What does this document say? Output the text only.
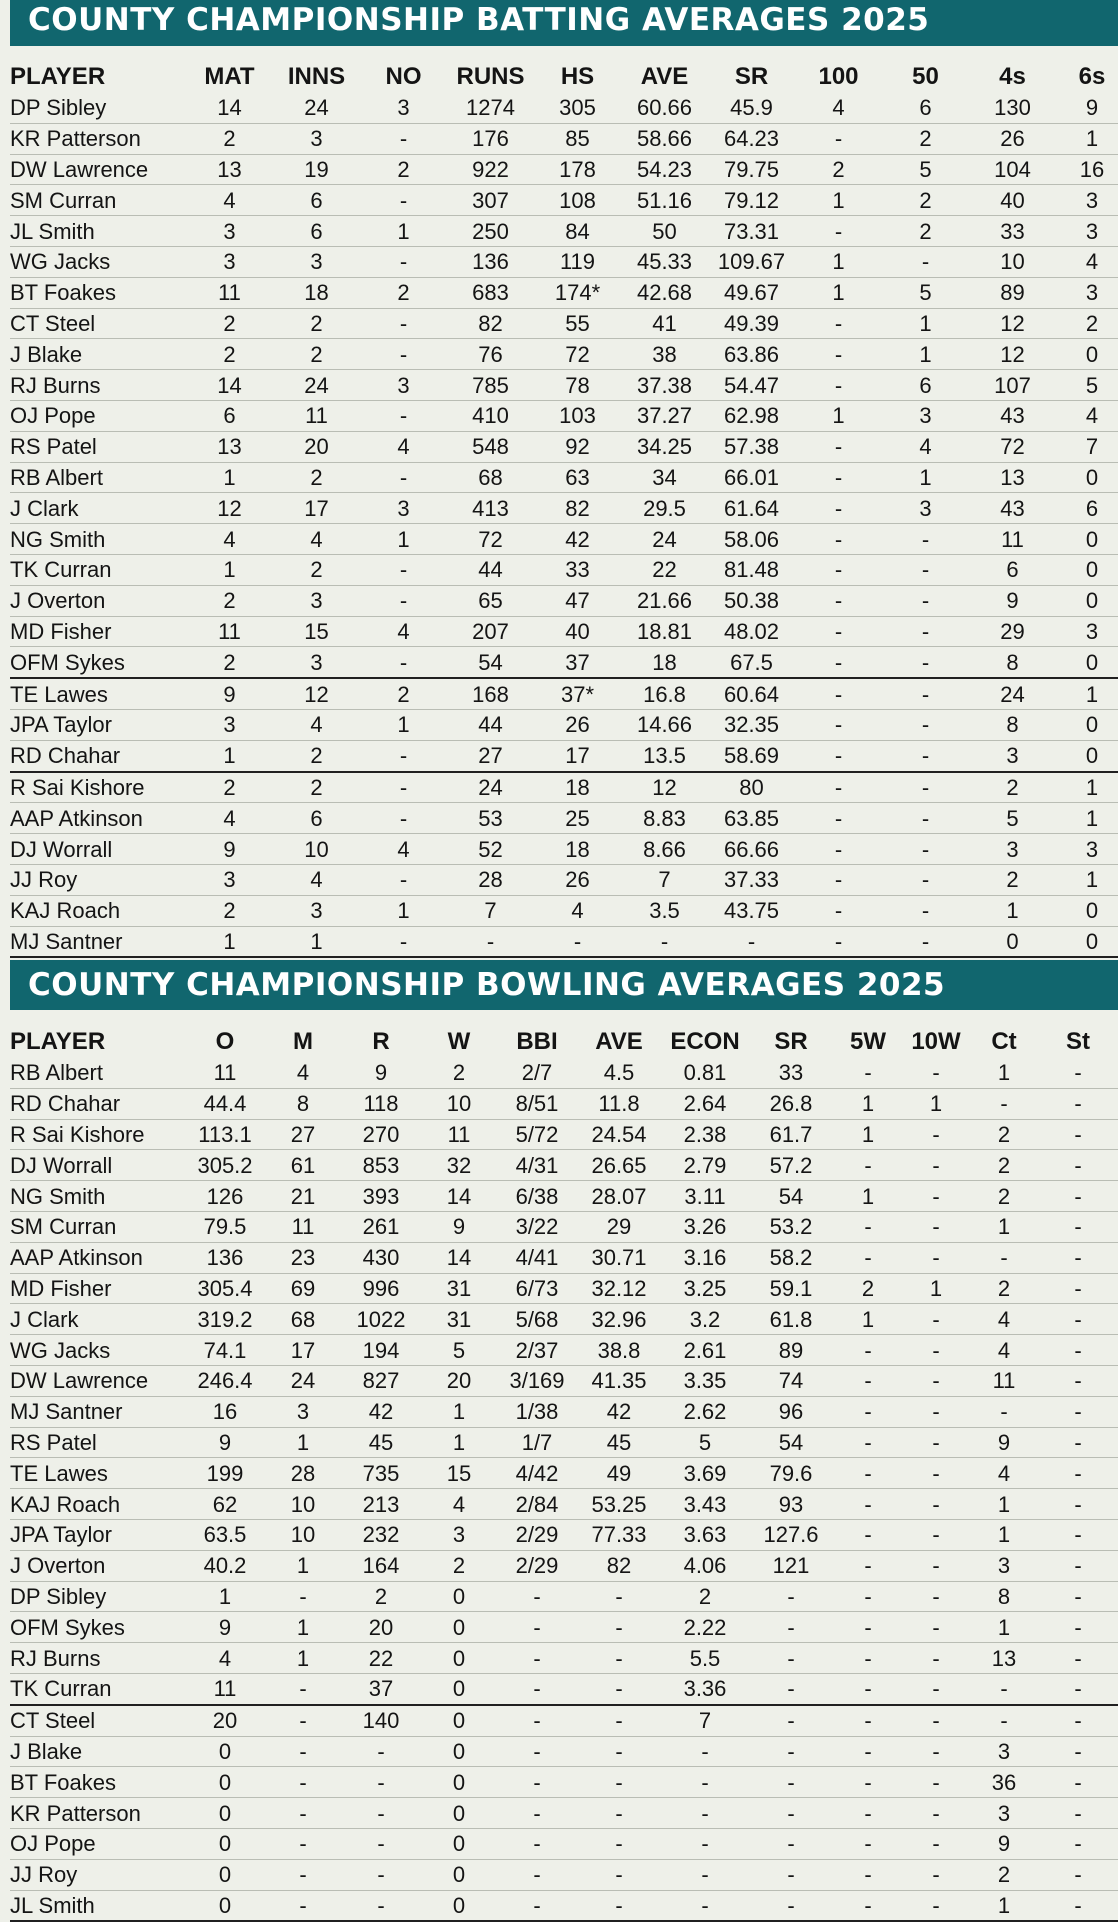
COUNTY CHAMPIONSHIP BATTING AVERAGES 2025
PLAYER	MAT	INNS	NO	RUNS	HS	AVE	SR	100	50	4s	6s
DP Sibley	14	24	3	1274	305	60.66	45.9	4	6	130	9
KR Patterson	2	3	-	176	85	58.66	64.23	-	2	26	1
DW Lawrence	13	19	2	922	178	54.23	79.75	2	5	104	16
SM Curran	4	6	-	307	108	51.16	79.12	1	2	40	3
JL Smith	3	6	1	250	84	50	73.31	-	2	33	3
WG Jacks	3	3	-	136	119	45.33	109.67	1	-	10	4
BT Foakes	11	18	2	683	174*	42.68	49.67	1	5	89	3
CT Steel	2	2	-	82	55	41	49.39	-	1	12	2
J Blake	2	2	-	76	72	38	63.86	-	1	12	0
RJ Burns	14	24	3	785	78	37.38	54.47	-	6	107	5
OJ Pope	6	11	-	410	103	37.27	62.98	1	3	43	4
RS Patel	13	20	4	548	92	34.25	57.38	-	4	72	7
RB Albert	1	2	-	68	63	34	66.01	-	1	13	0
J Clark	12	17	3	413	82	29.5	61.64	-	3	43	6
NG Smith	4	4	1	72	42	24	58.06	-	-	11	0
TK Curran	1	2	-	44	33	22	81.48	-	-	6	0
J Overton	2	3	-	65	47	21.66	50.38	-	-	9	0
MD Fisher	11	15	4	207	40	18.81	48.02	-	-	29	3
OFM Sykes	2	3	-	54	37	18	67.5	-	-	8	0
TE Lawes	9	12	2	168	37*	16.8	60.64	-	-	24	1
JPA Taylor	3	4	1	44	26	14.66	32.35	-	-	8	0
RD Chahar	1	2	-	27	17	13.5	58.69	-	-	3	0
R Sai Kishore	2	2	-	24	18	12	80	-	-	2	1
AAP Atkinson	4	6	-	53	25	8.83	63.85	-	-	5	1
DJ Worrall	9	10	4	52	18	8.66	66.66	-	-	3	3
JJ Roy	3	4	-	28	26	7	37.33	-	-	2	1
KAJ Roach	2	3	1	7	4	3.5	43.75	-	-	1	0
MJ Santner	1	1	-	-	-	-	-	-	-	0	0
COUNTY CHAMPIONSHIP BOWLING AVERAGES 2025
PLAYER	O	M	R	W	BBI	AVE	ECON	SR	5W	10W	Ct	St
RB Albert	11	4	9	2	2/7	4.5	0.81	33	-	-	1	-
RD Chahar	44.4	8	118	10	8/51	11.8	2.64	26.8	1	1	-	-
R Sai Kishore	113.1	27	270	11	5/72	24.54	2.38	61.7	1	-	2	-
DJ Worrall	305.2	61	853	32	4/31	26.65	2.79	57.2	-	-	2	-
NG Smith	126	21	393	14	6/38	28.07	3.11	54	1	-	2	-
SM Curran	79.5	11	261	9	3/22	29	3.26	53.2	-	-	1	-
AAP Atkinson	136	23	430	14	4/41	30.71	3.16	58.2	-	-	-	-
MD Fisher	305.4	69	996	31	6/73	32.12	3.25	59.1	2	1	2	-
J Clark	319.2	68	1022	31	5/68	32.96	3.2	61.8	1	-	4	-
WG Jacks	74.1	17	194	5	2/37	38.8	2.61	89	-	-	4	-
DW Lawrence	246.4	24	827	20	3/169	41.35	3.35	74	-	-	11	-
MJ Santner	16	3	42	1	1/38	42	2.62	96	-	-	-	-
RS Patel	9	1	45	1	1/7	45	5	54	-	-	9	-
TE Lawes	199	28	735	15	4/42	49	3.69	79.6	-	-	4	-
KAJ Roach	62	10	213	4	2/84	53.25	3.43	93	-	-	1	-
JPA Taylor	63.5	10	232	3	2/29	77.33	3.63	127.6	-	-	1	-
J Overton	40.2	1	164	2	2/29	82	4.06	121	-	-	3	-
DP Sibley	1	-	2	0	-	-	2	-	-	-	8	-
OFM Sykes	9	1	20	0	-	-	2.22	-	-	-	1	-
RJ Burns	4	1	22	0	-	-	5.5	-	-	-	13	-
TK Curran	11	-	37	0	-	-	3.36	-	-	-	-	-
CT Steel	20	-	140	0	-	-	7	-	-	-	-	-
J Blake	0	-	-	0	-	-	-	-	-	-	3	-
BT Foakes	0	-	-	0	-	-	-	-	-	-	36	-
KR Patterson	0	-	-	0	-	-	-	-	-	-	3	-
OJ Pope	0	-	-	0	-	-	-	-	-	-	9	-
JJ Roy	0	-	-	0	-	-	-	-	-	-	2	-
JL Smith	0	-	-	0	-	-	-	-	-	-	1	-
